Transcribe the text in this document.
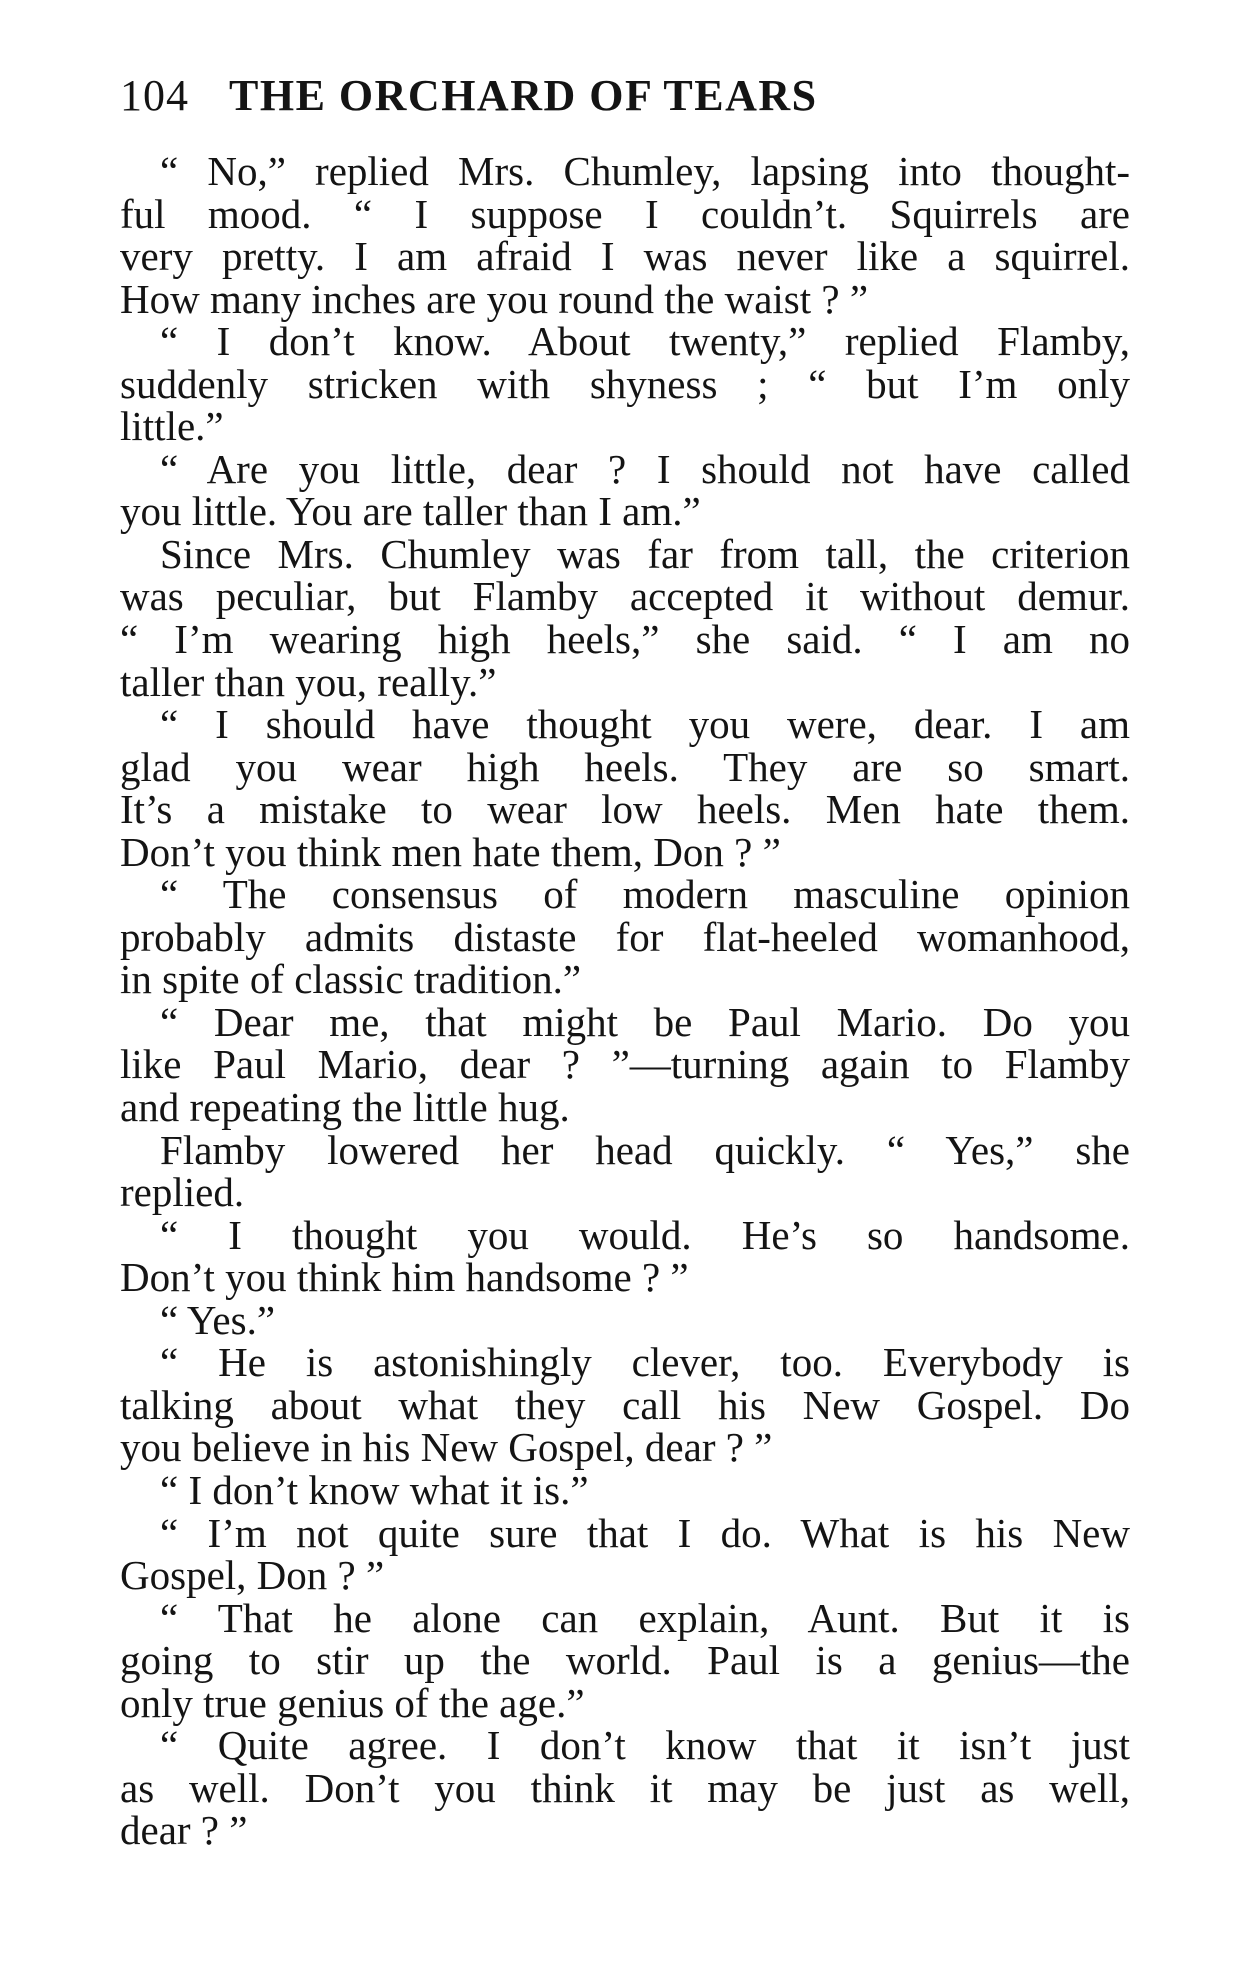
104 THE ORCHARD OF TEARS
“ No,” replied Mrs. Chumley, lapsing into thought-
ful mood. “ I suppose I couldn’t. Squirrels are
very pretty. I am afraid I was never like a squirrel.
How many inches are you round the waist ? ”
“ I don’t know. About twenty,” replied Flamby,
suddenly stricken with shyness ; “ but I’m only
little.”
“ Are you little, dear ? I should not have called
you little. You are taller than I am.”
Since Mrs. Chumley was far from tall, the criterion
was peculiar, but Flamby accepted it without demur.
“ I’m wearing high heels,” she said. “ I am no
taller than you, really.”
“ I should have thought you were, dear. I am
glad you wear high heels. They are so smart.
It’s a mistake to wear low heels. Men hate them.
Don’t you think men hate them, Don ? ”
“ The consensus of modern masculine opinion
probably admits distaste for flat-heeled womanhood,
in spite of classic tradition.”
“ Dear me, that might be Paul Mario. Do you
like Paul Mario, dear ? ”—turning again to Flamby
and repeating the little hug.
Flamby lowered her head quickly. “ Yes,” she
replied.
“ I thought you would. He’s so handsome.
Don’t you think him handsome ? ”
“ Yes.”
“ He is astonishingly clever, too. Everybody is
talking about what they call his New Gospel. Do
you believe in his New Gospel, dear ? ”
“ I don’t know what it is.”
“ I’m not quite sure that I do. What is his New
Gospel, Don ? ”
“ That he alone can explain, Aunt. But it is
going to stir up the world. Paul is a genius—the
only true genius of the age.”
“ Quite agree. I don’t know that it isn’t just
as well. Don’t you think it may be just as well,
dear ? ”
